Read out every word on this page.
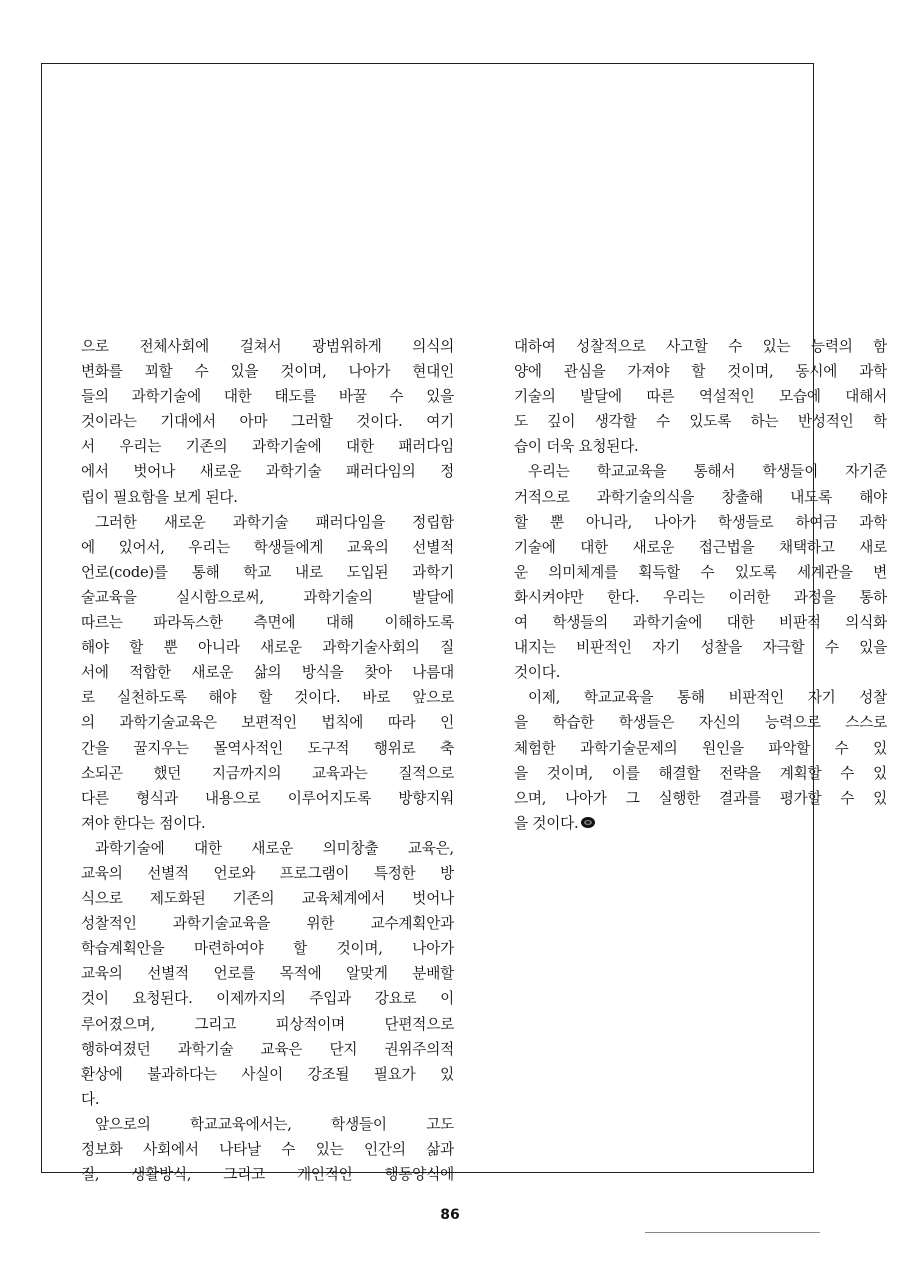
으로 전체사회에 걸쳐서 광범위하게 의식의
변화를 꾀할 수 있을 것이며, 나아가 현대인
들의 과학기술에 대한 태도를 바꿀 수 있을
것이라는 기대에서 아마 그러할 것이다. 여기
서 우리는 기존의 과학기술에 대한 패러다임
에서 벗어나 새로운 과학기술 패러다임의 정
립이 필요함을 보게 된다.
그러한 새로운 과학기술 패러다임을 정립함
에 있어서, 우리는 학생들에게 교육의 선별적
언로(code)를 통해 학교 내로 도입된 과학기
술교육을 실시함으로써, 과학기술의 발달에
따르는 파라독스한 측면에 대해 이해하도록
해야 할 뿐 아니라 새로운 과학기술사회의 질
서에 적합한 새로운 삶의 방식을 찾아 나름대
로 실천하도록 해야 할 것이다. 바로 앞으로
의 과학기술교육은 보편적인 법칙에 따라 인
간을 꿀지우는 몰역사적인 도구적 행위로 축
소되곤 했던 지금까지의 교육과는 질적으로
다른 형식과 내용으로 이루어지도록 방향지워
져야 한다는 점이다.
과학기술에 대한 새로운 의미창출 교육은,
교육의 선별적 언로와 프로그램이 특정한 방
식으로 제도화된 기존의 교육체계에서 벗어나
성찰적인 과학기술교육을 위한 교수계획안과
학습계획안을 마련하여야 할 것이며, 나아가
교육의 선별적 언로를 목적에 알맞게 분배할
것이 요청된다. 이제까지의 주입과 강요로 이
루어졌으며, 그리고 피상적이며 단편적으로
행하여졌던 과학기술 교육은 단지 권위주의적
환상에 불과하다는 사실이 강조될 필요가 있
다.
앞으로의 학교교육에서는, 학생들이 고도
정보화 사회에서 나타날 수 있는 인간의 삶과
질, 생활방식, 그리고 개인적인 행동양식에
대하여 성찰적으로 사고할 수 있는 능력의 함
양에 관심을 가져야 할 것이며, 동시에 과학
기술의 발달에 따른 역설적인 모습에 대해서
도 깊이 생각할 수 있도록 하는 반성적인 학
습이 더욱 요청된다.
우리는 학교교육을 통해서 학생들이 자기준
거적으로 과학기술의식을 창출해 내도록 해야
할 뿐 아니라, 나아가 학생들로 하여금 과학
기술에 대한 새로운 접근법을 채택하고 새로
운 의미체계를 획득할 수 있도록 세계관을 변
화시켜야만 한다. 우리는 이러한 과정을 통하
여 학생들의 과학기술에 대한 비판적 의식화
내지는 비판적인 자기 성찰을 자극할 수 있을
것이다.
이제, 학교교육을 통해 비판적인 자기 성찰
을 학습한 학생들은 자신의 능력으로 스스로
체험한 과학기술문제의 원인을 파악할 수 있
을 것이며, 이를 해결할 전략을 계획할 수 있
으며, 나아가 그 실행한 결과를 평가할 수 있
을 것이다.
86
